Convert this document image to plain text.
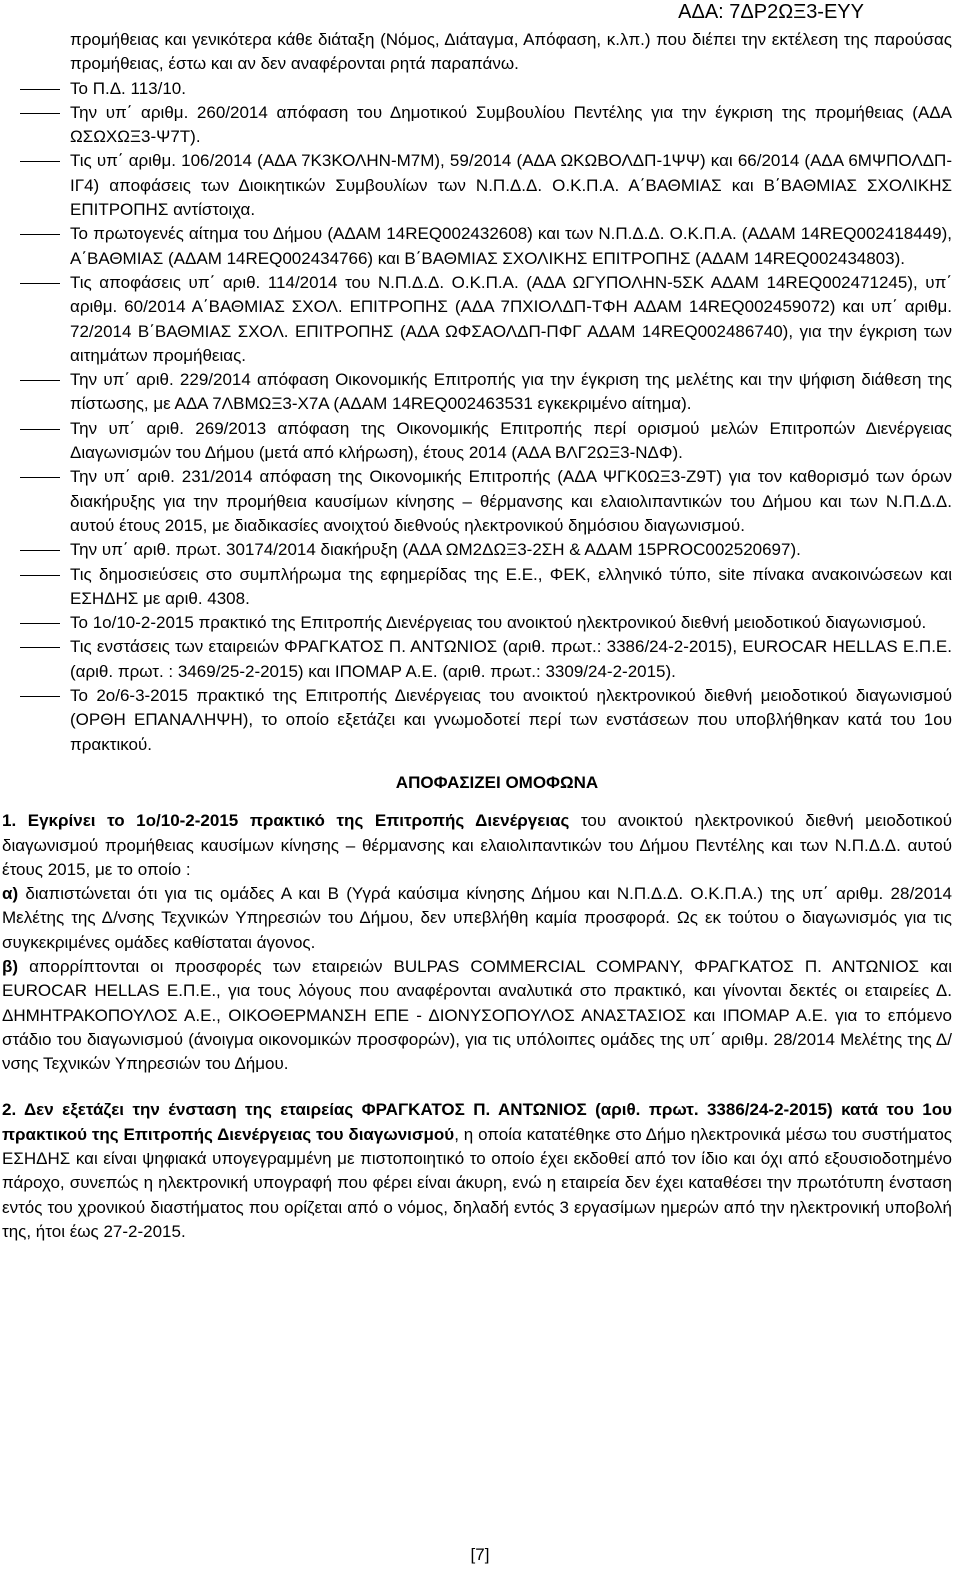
ΑΔΑ: 7ΔΡ2ΩΞ3-ΕΥΥ
προμήθειας και γενικότερα κάθε διάταξη (Νόμος, Διάταγμα, Απόφαση, κ.λπ.) που διέπει την εκτέλεση της παρούσας προμήθειας, έστω και αν δεν αναφέρονται ρητά παραπάνω.
Το Π.Δ. 113/10.
Την υπ΄ αριθμ. 260/2014 απόφαση του Δημοτικού Συμβουλίου Πεντέλης για την έγκριση της προμήθειας (ΑΔΑ ΩΣΩΧΩΞ3-Ψ7Τ).
Τις υπ΄ αριθμ. 106/2014 (ΑΔΑ 7Κ3ΚΟΛΗΝ-Μ7Μ), 59/2014 (ΑΔΑ ΩΚΩΒΟΛΔΠ-1ΨΨ) και 66/2014 (ΑΔΑ 6ΜΨΠΟΛΔΠ-ΙΓ4) αποφάσεις των Διοικητικών Συμβουλίων των Ν.Π.Δ.Δ. Ο.Κ.Π.Α. Α΄ΒΑΘΜΙΑΣ και Β΄ΒΑΘΜΙΑΣ ΣΧΟΛΙΚΗΣ ΕΠΙΤΡΟΠΗΣ αντίστοιχα.
Το πρωτογενές αίτημα του Δήμου (ΑΔΑΜ 14REQ002432608) και των Ν.Π.Δ.Δ. Ο.Κ.Π.Α. (ΑΔΑΜ 14REQ002418449), Α΄ΒΑΘΜΙΑΣ (ΑΔΑΜ 14REQ002434766) και Β΄ΒΑΘΜΙΑΣ ΣΧΟΛΙΚΗΣ ΕΠΙΤΡΟΠΗΣ (ΑΔΑΜ 14REQ002434803).
Τις αποφάσεις υπ΄ αριθ. 114/2014 του Ν.Π.Δ.Δ. Ο.Κ.Π.Α. (ΑΔΑ ΩΓΥΠΟΛΗΝ-5ΣΚ ΑΔΑΜ 14REQ002471245), υπ΄ αριθμ. 60/2014 Α΄ΒΑΘΜΙΑΣ ΣΧΟΛ. ΕΠΙΤΡΟΠΗΣ (ΑΔΑ 7ΠΧΙΟΛΔΠ-ΤΦΗ ΑΔΑΜ 14REQ002459072) και υπ΄ αριθμ. 72/2014 Β΄ΒΑΘΜΙΑΣ ΣΧΟΛ. ΕΠΙΤΡΟΠΗΣ (ΑΔΑ ΩΦΣΑΟΛΔΠ-ΠΦΓ ΑΔΑΜ 14REQ002486740), για την έγκριση των αιτημάτων προμήθειας.
Την υπ΄ αριθ. 229/2014 απόφαση Οικονομικής Επιτροπής για την έγκριση της μελέτης και την ψήφιση διάθεση της πίστωσης, με ΑΔΑ 7ΛΒΜΩΞ3-Χ7Α (ΑΔΑΜ 14REQ002463531 εγκεκριμένο αίτημα).
Την υπ΄ αριθ. 269/2013 απόφαση της Οικονομικής Επιτροπής περί ορισμού μελών Επιτροπών Διενέργειας Διαγωνισμών του Δήμου (μετά από κλήρωση), έτους 2014 (ΑΔΑ ΒΛΓ2ΩΞ3-ΝΔΦ).
Την υπ΄ αριθ. 231/2014 απόφαση της Οικονομικής Επιτροπής (ΑΔΑ ΨΓΚ0ΩΞ3-Ζ9Τ) για τον καθορισμό των όρων διακήρυξης για την προμήθεια καυσίμων κίνησης – θέρμανσης και ελαιολιπαντικών του Δήμου και των Ν.Π.Δ.Δ. αυτού έτους 2015, με διαδικασίες ανοιχτού διεθνούς ηλεκτρονικού δημόσιου διαγωνισμού.
Την υπ΄ αριθ. πρωτ. 30174/2014 διακήρυξη (ΑΔΑ ΩΜ2ΔΩΞ3-2ΣΗ & ΑΔΑΜ 15PROC002520697).
Τις δημοσιεύσεις στο συμπλήρωμα της εφημερίδας της Ε.Ε., ΦΕΚ, ελληνικό τύπο, site πίνακα ανακοινώσεων και ΕΣΗΔΗΣ με αριθ. 4308.
Το 1ο/10-2-2015 πρακτικό της Επιτροπής Διενέργειας του ανοικτού ηλεκτρονικού διεθνή μειοδοτικού διαγωνισμού.
Τις ενστάσεις των εταιρειών ΦΡΑΓΚΑΤΟΣ Π. ΑΝΤΩΝΙΟΣ (αριθ. πρωτ.: 3386/24-2-2015), EUROCAR HELLAS Ε.Π.Ε. (αριθ. πρωτ. : 3469/25-2-2015) και ΙΠΟΜΑΡ Α.Ε. (αριθ. πρωτ.: 3309/24-2-2015).
Το 2ο/6-3-2015 πρακτικό της Επιτροπής Διενέργειας του ανοικτού ηλεκτρονικού διεθνή μειοδοτικού διαγωνισμού (ΟΡΘΗ ΕΠΑΝΑΛΗΨΗ), το οποίο εξετάζει και γνωμοδοτεί περί των ενστάσεων που υποβλήθηκαν κατά του 1ου πρακτικού.
ΑΠΟΦΑΣΙΖΕΙ ΟΜΟΦΩΝΑ

1. Εγκρίνει το 1ο/10-2-2015 πρακτικό της Επιτροπής Διενέργειας του ανοικτού ηλεκτρονικού διεθνή μειοδοτικού διαγωνισμού προμήθειας καυσίμων κίνησης – θέρμανσης και ελαιολιπαντικών του Δήμου Πεντέλης και των Ν.Π.Δ.Δ. αυτού έτους 2015, με το οποίο :

α) διαπιστώνεται ότι για τις ομάδες Α και Β (Υγρά καύσιμα κίνησης Δήμου και Ν.Π.Δ.Δ. Ο.Κ.Π.Α.) της υπ΄ αριθμ. 28/2014 Μελέτης της Δ/νσης Τεχνικών Υπηρεσιών του Δήμου, δεν υπεβλήθη καμία προσφορά. Ως εκ τούτου ο διαγωνισμός για τις συγκεκριμένες ομάδες καθίσταται άγονος.

β) απορρίπτονται οι προσφορές των εταιρειών BULPAS COMMERCIAL COMPANY, ΦΡΑΓΚΑΤΟΣ Π. ΑΝΤΩΝΙΟΣ και EUROCAR HELLAS Ε.Π.Ε., για τους λόγους που αναφέρονται αναλυτικά στο πρακτικό, και γίνονται δεκτές οι εταιρείες Δ. ΔΗΜΗΤΡΑΚΟΠΟΥΛΟΣ Α.Ε., ΟΙΚΟΘΕΡΜΑΝΣΗ ΕΠΕ - ΔΙΟΝΥΣΟΠΟΥΛΟΣ ΑΝΑΣΤΑΣΙΟΣ και ΙΠΟΜΑΡ Α.Ε. για το επόμενο στάδιο του διαγωνισμού (άνοιγμα οικονομικών προσφορών), για τις υπόλοιπες ομάδες της υπ΄ αριθμ. 28/2014 Μελέτης της Δ/νσης Τεχνικών Υπηρεσιών του Δήμου.

2. Δεν εξετάζει την ένσταση της εταιρείας ΦΡΑΓΚΑΤΟΣ Π. ΑΝΤΩΝΙΟΣ (αριθ. πρωτ. 3386/24-2-2015) κατά του 1ου πρακτικού της Επιτροπής Διενέργειας του διαγωνισμού, η οποία κατατέθηκε στο Δήμο ηλεκτρονικά μέσω του συστήματος ΕΣΗΔΗΣ και είναι ψηφιακά υπογεγραμμένη με πιστοποιητικό το οποίο έχει εκδοθεί από τον ίδιο και όχι από εξουσιοδοτημένο πάροχο, συνεπώς η ηλεκτρονική υπογραφή που φέρει είναι άκυρη, ενώ η εταιρεία δεν έχει καταθέσει την πρωτότυπη ένσταση εντός του χρονικού διαστήματος που ορίζεται από ο νόμος, δηλαδή εντός 3 εργασίμων ημερών από την ηλεκτρονική υποβολή της, ήτοι έως 27-2-2015.

[7]
